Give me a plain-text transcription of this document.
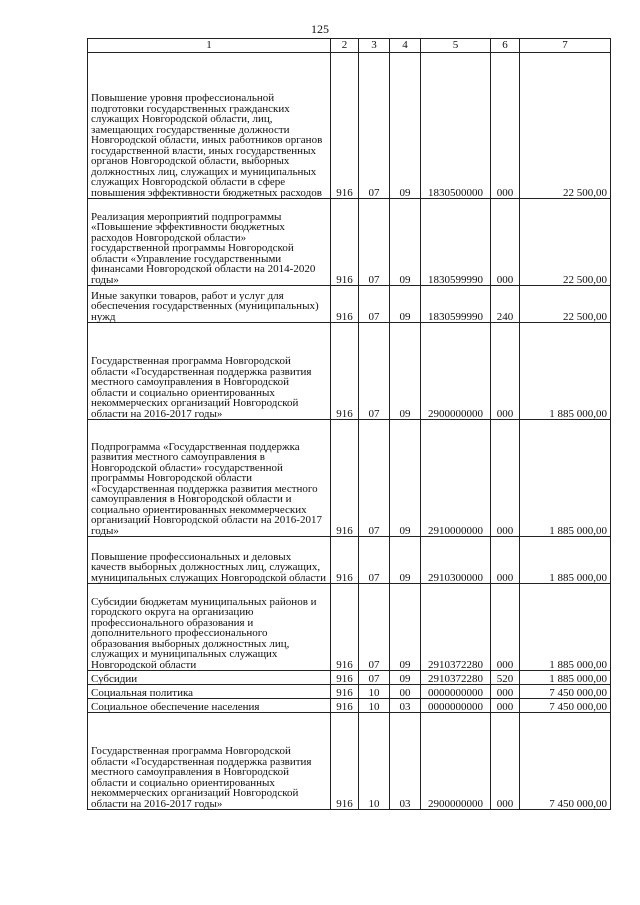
125
1	2	3	4	5	6	7
Повышение уровня профессиональной подготовки государственных гражданских служащих Новгородской области, лиц, замещающих государственные должности Новгородской области, иных работников органов государственной власти, иных государственных органов Новгородской области, выборных должностных лиц, служащих и муниципальных служащих Новгородской области в сфере повышения эффективности бюджетных расходов	916	07	09	1830500000	000	22 500,00
Реализация мероприятий подпрограммы «Повышение эффективности бюджетных расходов Новгородской области» государственной программы Новгородской области «Управление государственными финансами Новгородской области на 2014-2020 годы»	916	07	09	1830599990	000	22 500,00
Иные закупки товаров, работ и услуг для обеспечения государственных (муниципальных) нужд	916	07	09	1830599990	240	22 500,00
Государственная программа Новгородской области «Государственная поддержка развития местного самоуправления в Новгородской области и социально ориентированных некоммерческих организаций Новгородской области на 2016-2017 годы»	916	07	09	2900000000	000	1 885 000,00
Подпрограмма «Государственная поддержка развития местного самоуправления в Новгородской области» государственной программы Новгородской области «Государственная поддержка развития местного самоуправления в Новгородской области и социально ориентированных некоммерческих организаций Новгородской области на 2016-2017 годы»	916	07	09	2910000000	000	1 885 000,00
Повышение профессиональных и деловых качеств выборных должностных лиц, служащих, муниципальных служащих Новгородской области	916	07	09	2910300000	000	1 885 000,00
Субсидии бюджетам муниципальных районов и городского округа на организацию профессионального образования и дополнительного профессионального образования выборных должностных лиц, служащих и муниципальных служащих Новгородской области	916	07	09	2910372280	000	1 885 000,00
Субсидии	916	07	09	2910372280	520	1 885 000,00
Социальная политика	916	10	00	0000000000	000	7 450 000,00
Социальное обеспечение населения	916	10	03	0000000000	000	7 450 000,00
Государственная программа Новгородской области «Государственная поддержка развития местного самоуправления в Новгородской области и социально ориентированных некоммерческих организаций Новгородской области на 2016-2017 годы»	916	10	03	2900000000	000	7 450 000,00
